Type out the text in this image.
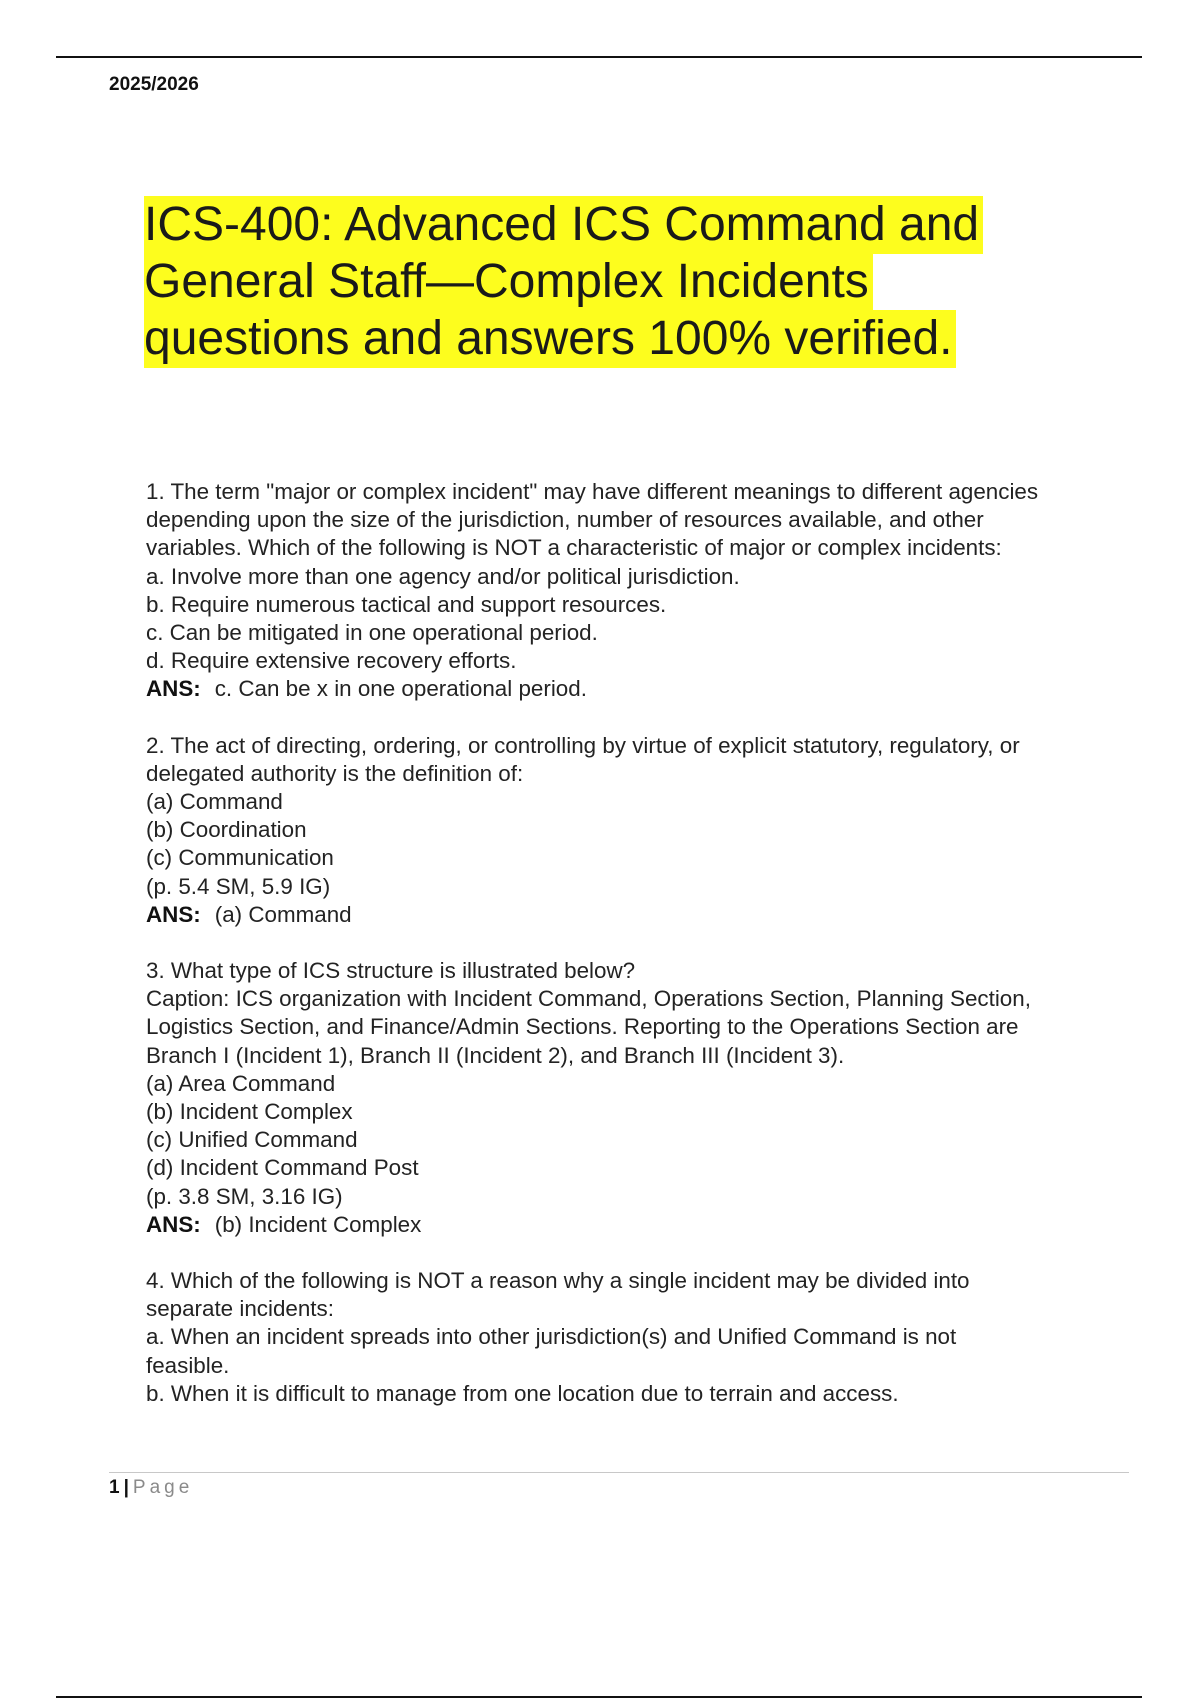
2025/2026
ICS-400: Advanced ICS Command and
General Staff—Complex Incidents
questions and answers 100% verified.

1. The term "major or complex incident" may have different meanings to different agencies

depending upon the size of the jurisdiction, number of resources available, and other

variables. Which of the following is NOT a characteristic of major or complex incidents:

a. Involve more than one agency and/or political jurisdiction.

b. Require numerous tactical and support resources.

c. Can be mitigated in one operational period.

d. Require extensive recovery efforts.

ANS: c. Can be x in one operational period.

2. The act of directing, ordering, or controlling by virtue of explicit statutory, regulatory, or

delegated authority is the definition of:

(a) Command

(b) Coordination

(c) Communication

(p. 5.4 SM, 5.9 IG)

ANS: (a) Command

3. What type of ICS structure is illustrated below?

Caption: ICS organization with Incident Command, Operations Section, Planning Section,

Logistics Section, and Finance/Admin Sections. Reporting to the Operations Section are

Branch I (Incident 1), Branch II (Incident 2), and Branch III (Incident 3).

(a) Area Command

(b) Incident Complex

(c) Unified Command

(d) Incident Command Post

(p. 3.8 SM, 3.16 IG)

ANS: (b) Incident Complex

4. Which of the following is NOT a reason why a single incident may be divided into

separate incidents:

a. When an incident spreads into other jurisdiction(s) and Unified Command is not

feasible.

b. When it is difficult to manage from one location due to terrain and access.

1 | Page
